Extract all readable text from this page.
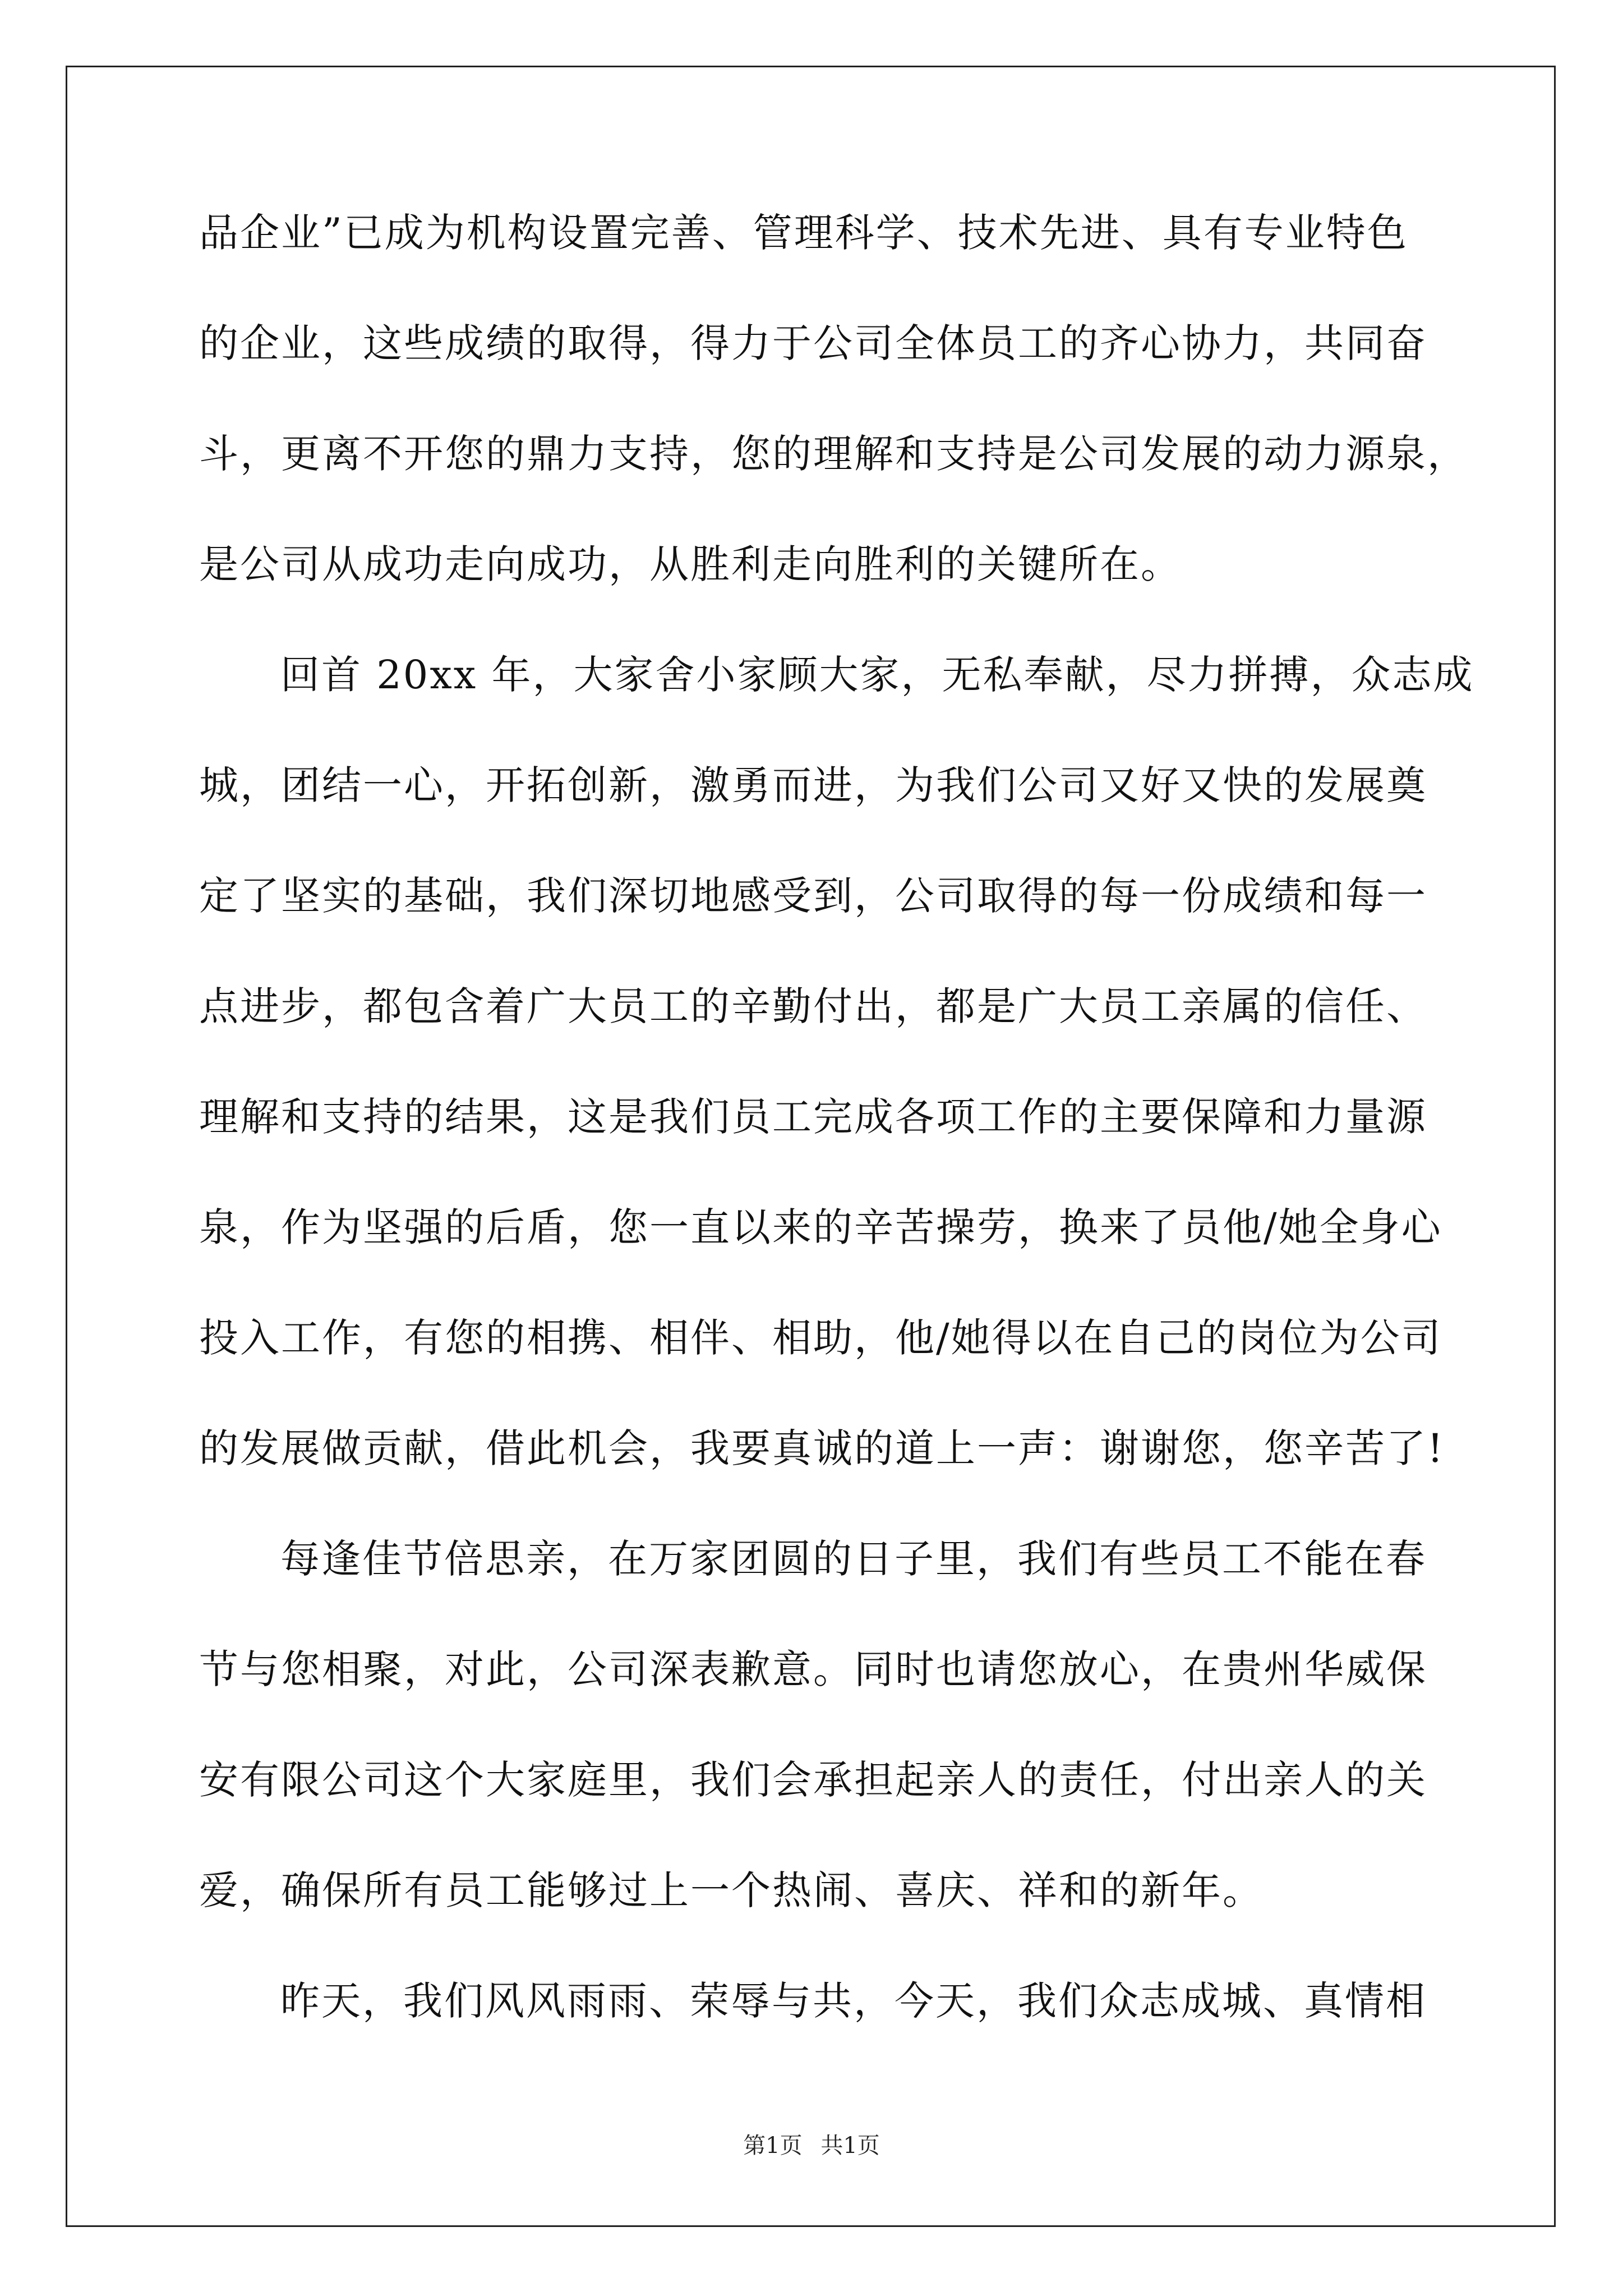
品企业”已成为机构设置完善、管理科学、技术先进、具有专业特色
的企业，这些成绩的取得，得力于公司全体员工的齐心协力，共同奋
斗，更离不开您的鼎力支持，您的理解和支持是公司发展的动力源泉，
是公司从成功走向成功，从胜利走向胜利的关键所在。
回首 20xx 年，大家舍小家顾大家，无私奉献，尽力拼搏，众志成
城，团结一心，开拓创新，激勇而进，为我们公司又好又快的发展奠
定了坚实的基础，我们深切地感受到，公司取得的每一份成绩和每一
点进步，都包含着广大员工的辛勤付出，都是广大员工亲属的信任、
理解和支持的结果，这是我们员工完成各项工作的主要保障和力量源
泉，作为坚强的后盾，您一直以来的辛苦操劳，换来了员他/她全身心
投入工作，有您的相携、相伴、相助，他/她得以在自己的岗位为公司
的发展做贡献，借此机会，我要真诚的道上一声：谢谢您，您辛苦了!
每逢佳节倍思亲，在万家团圆的日子里，我们有些员工不能在春
节与您相聚，对此，公司深表歉意。同时也请您放心，在贵州华威保
安有限公司这个大家庭里，我们会承担起亲人的责任，付出亲人的关
爱，确保所有员工能够过上一个热闹、喜庆、祥和的新年。
昨天，我们风风雨雨、荣辱与共，今天，我们众志成城、真情相
第1页 共1页
